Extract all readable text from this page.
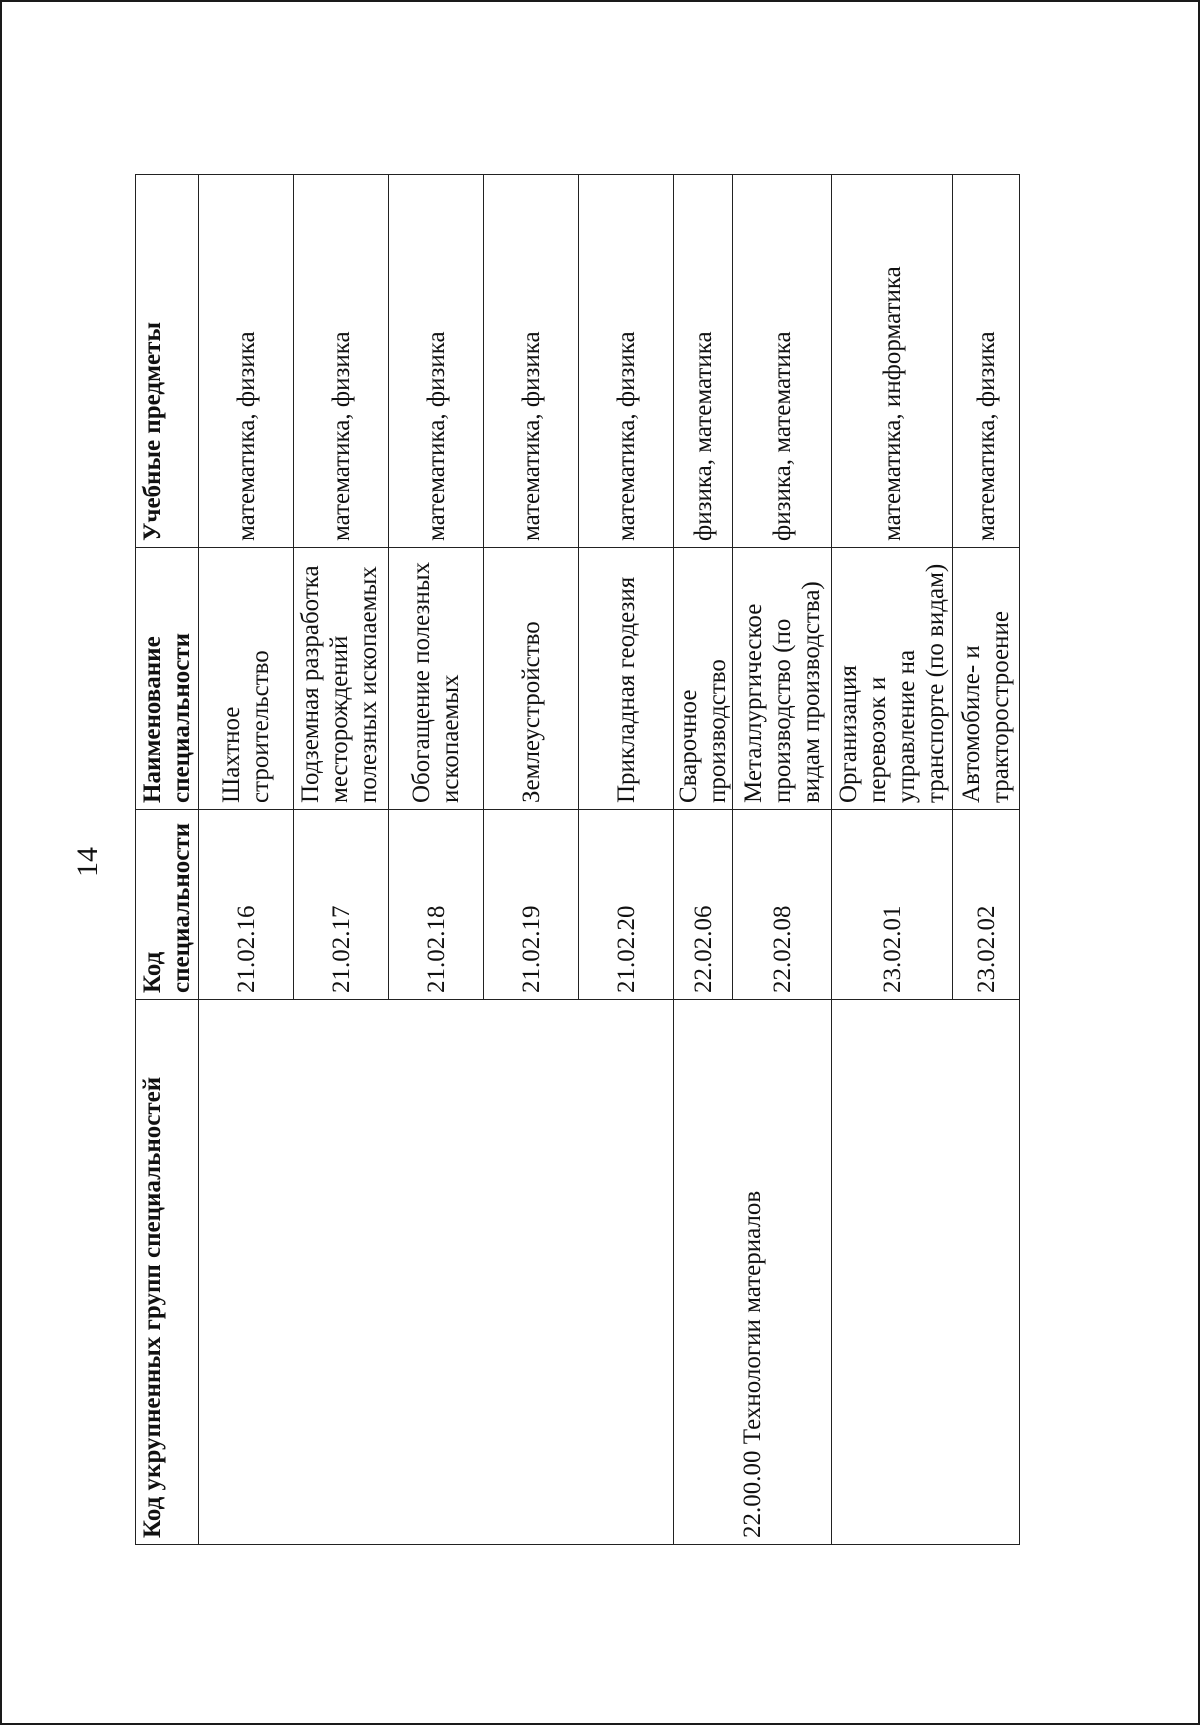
14
Код укрупненных групп специальностей	Код специальности	Наименование специальности	Учебные предметы
	21.02.16	Шахтное строительство	математика, физика
	21.02.17	Подземная разработка месторождений полезных ископаемых	математика, физика
	21.02.18	Обогащение полезных ископаемых	математика, физика
	21.02.19	Землеустройство	математика, физика
	21.02.20	Прикладная геодезия	математика, физика
22.00.00 Технологии материалов	22.02.06	Сварочное производство	физика, математика
	22.02.08	Металлургическое производство (по видам производства)	физика, математика
	23.02.01	Организация перевозок и управление на транспорте (по видам)	математика, информатика
	23.02.02	Автомобиле- и тракторостроение	математика, физика
